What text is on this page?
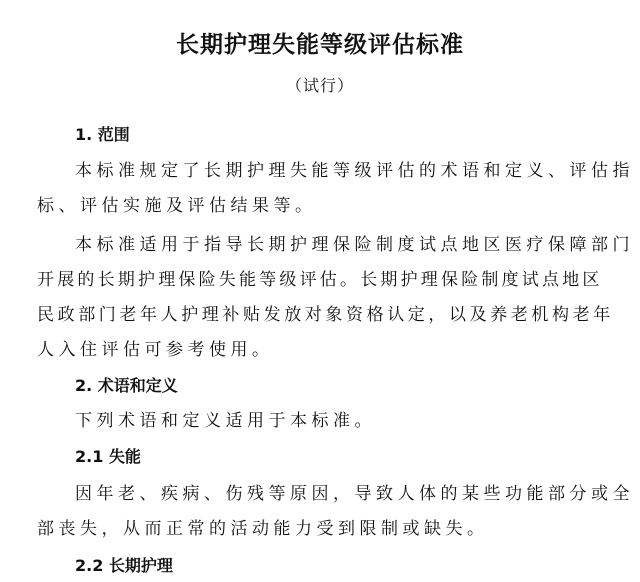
长期护理失能等级评估标准
（试行）
1. 范围
本标准规定了长期护理失能等级评估的术语和定义、评估指
标、评估实施及评估结果等。
本标准适用于指导长期护理保险制度试点地区医疗保障部门
开展的长期护理保险失能等级评估。长期护理保险制度试点地区
民政部门老年人护理补贴发放对象资格认定，以及养老机构老年
人入住评估可参考使用。
2. 术语和定义
下列术语和定义适用于本标准。
2.1 失能
因年老、疾病、伤残等原因，导致人体的某些功能部分或全
部丧失，从而正常的活动能力受到限制或缺失。
2.2 长期护理
